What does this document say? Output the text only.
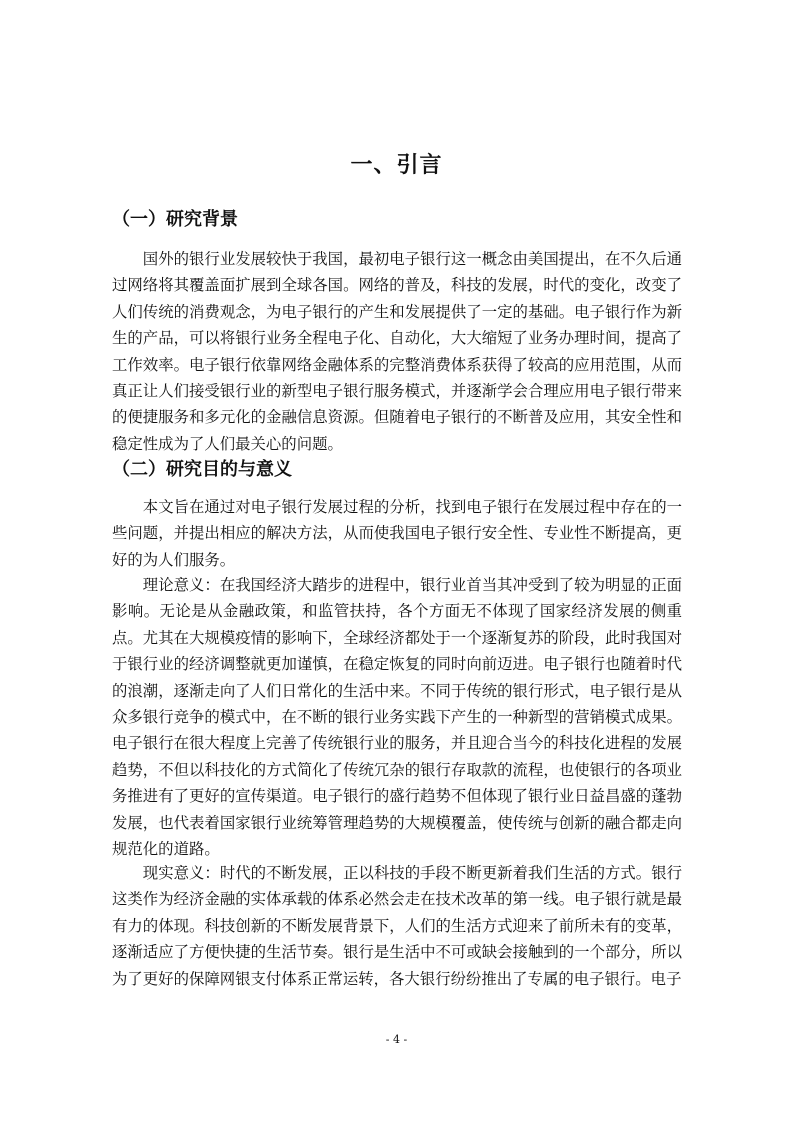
一、引言
（一）研究背景

国外的银行业发展较快于我国，最初电子银行这一概念由美国提出，在不久后通过网络将其覆盖面扩展到全球各国。网络的普及，科技的发展，时代的变化，改变了人们传统的消费观念，为电子银行的产生和发展提供了一定的基础。电子银行作为新生的产品，可以将银行业务全程电子化、自动化，大大缩短了业务办理时间，提高了工作效率。电子银行依靠网络金融体系的完整消费体系获得了较高的应用范围，从而真正让人们接受银行业的新型电子银行服务模式，并逐渐学会合理应用电子银行带来的便捷服务和多元化的金融信息资源。但随着电子银行的不断普及应用，其安全性和稳定性成为了人们最关心的问题。

（二）研究目的与意义

本文旨在通过对电子银行发展过程的分析，找到电子银行在发展过程中存在的一些问题，并提出相应的解决方法，从而使我国电子银行安全性、专业性不断提高，更好的为人们服务。

理论意义：在我国经济大踏步的进程中，银行业首当其冲受到了较为明显的正面影响。无论是从金融政策，和监管扶持，各个方面无不体现了国家经济发展的侧重点。尤其在大规模疫情的影响下，全球经济都处于一个逐渐复苏的阶段，此时我国对于银行业的经济调整就更加谨慎，在稳定恢复的同时向前迈进。电子银行也随着时代的浪潮，逐渐走向了人们日常化的生活中来。不同于传统的银行形式，电子银行是从众多银行竞争的模式中，在不断的银行业务实践下产生的一种新型的营销模式成果。电子银行在很大程度上完善了传统银行业的服务，并且迎合当今的科技化进程的发展趋势，不但以科技化的方式简化了传统冗杂的银行存取款的流程，也使银行的各项业务推进有了更好的宣传渠道。电子银行的盛行趋势不但体现了银行业日益昌盛的蓬勃发展，也代表着国家银行业统筹管理趋势的大规模覆盖，使传统与创新的融合都走向规范化的道路。

现实意义：时代的不断发展，正以科技的手段不断更新着我们生活的方式。银行这类作为经济金融的实体承载的体系必然会走在技术改革的第一线。电子银行就是最有力的体现。科技创新的不断发展背景下，人们的生活方式迎来了前所未有的变革，逐渐适应了方便快捷的生活节奏。银行是生活中不可或缺会接触到的一个部分，所以为了更好的保障网银支付体系正常运转，各大银行纷纷推出了专属的电子银行。电子

- 4 -
